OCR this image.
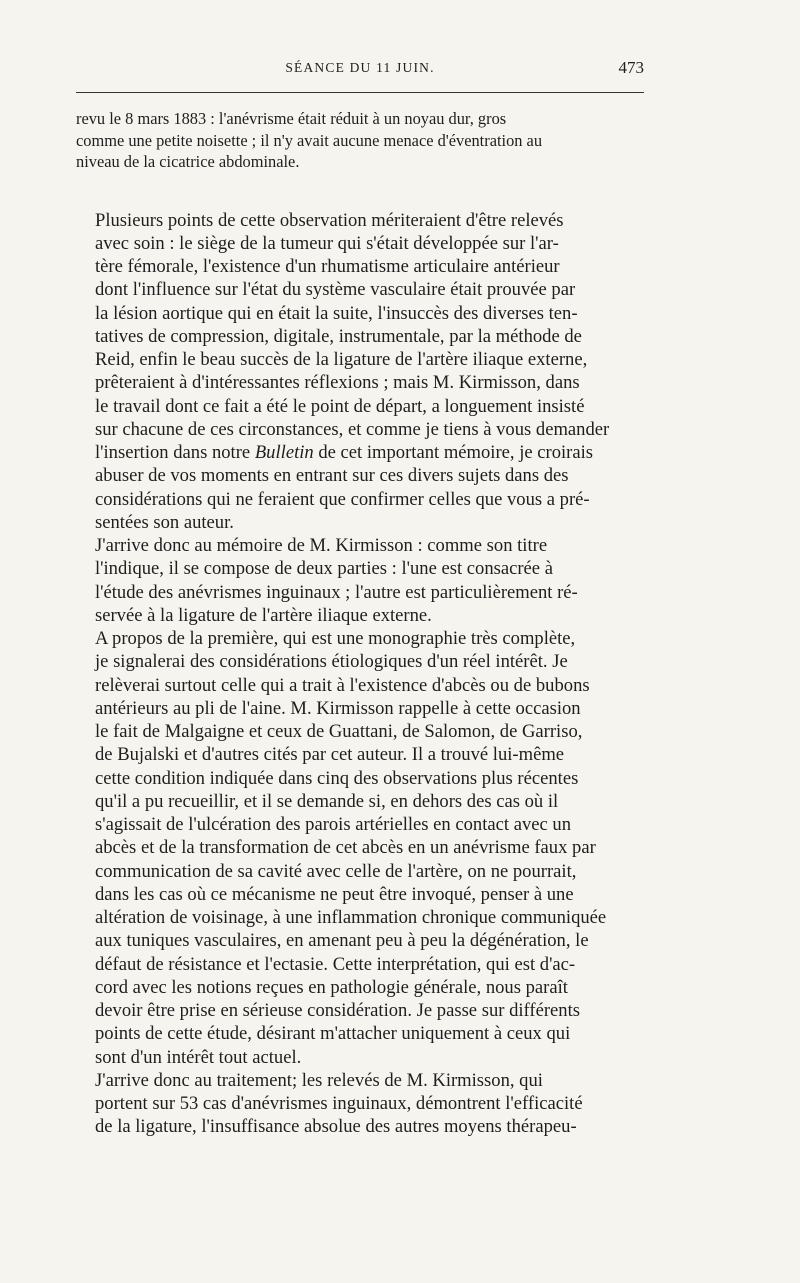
SÉANCE DU 11 JUIN.	473

revu le 8 mars 1883 : l'anévrisme était réduit à un noyau dur, gros
comme une petite noisette ; il n'y avait aucune menace d'éventration au
niveau de la cicatrice abdominale.

Plusieurs points de cette observation mériteraient d'être relevés
avec soin : le siège de la tumeur qui s'était développée sur l'ar-
tère fémorale, l'existence d'un rhumatisme articulaire antérieur
dont l'influence sur l'état du système vasculaire était prouvée par
la lésion aortique qui en était la suite, l'insuccès des diverses ten-
tatives de compression, digitale, instrumentale, par la méthode de
Reid, enfin le beau succès de la ligature de l'artère iliaque externe,
prêteraient à d'intéressantes réflexions ; mais M. Kirmisson, dans
le travail dont ce fait a été le point de départ, a longuement insisté
sur chacune de ces circonstances, et comme je tiens à vous demander
l'insertion dans notre Bulletin de cet important mémoire, je croirais
abuser de vos moments en entrant sur ces divers sujets dans des
considérations qui ne feraient que confirmer celles que vous a pré-
sentées son auteur.

J'arrive donc au mémoire de M. Kirmisson : comme son titre
l'indique, il se compose de deux parties : l'une est consacrée à
l'étude des anévrismes inguinaux ; l'autre est particulièrement ré-
servée à la ligature de l'artère iliaque externe.

A propos de la première, qui est une monographie très complète,
je signalerai des considérations étiologiques d'un réel intérêt. Je
relèverai surtout celle qui a trait à l'existence d'abcès ou de bubons
antérieurs au pli de l'aine. M. Kirmisson rappelle à cette occasion
le fait de Malgaigne et ceux de Guattani, de Salomon, de Garriso,
de Bujalski et d'autres cités par cet auteur. Il a trouvé lui-même
cette condition indiquée dans cinq des observations plus récentes
qu'il a pu recueillir, et il se demande si, en dehors des cas où il
s'agissait de l'ulcération des parois artérielles en contact avec un
abcès et de la transformation de cet abcès en un anévrisme faux par
communication de sa cavité avec celle de l'artère, on ne pourrait,
dans les cas où ce mécanisme ne peut être invoqué, penser à une
altération de voisinage, à une inflammation chronique communiquée
aux tuniques vasculaires, en amenant peu à peu la dégénération, le
défaut de résistance et l'ectasie. Cette interprétation, qui est d'ac-
cord avec les notions reçues en pathologie générale, nous paraît
devoir être prise en sérieuse considération. Je passe sur différents
points de cette étude, désirant m'attacher uniquement à ceux qui
sont d'un intérêt tout actuel.

J'arrive donc au traitement; les relevés de M. Kirmisson, qui
portent sur 53 cas d'anévrismes inguinaux, démontrent l'efficacité
de la ligature, l'insuffisance absolue des autres moyens thérapeu-
